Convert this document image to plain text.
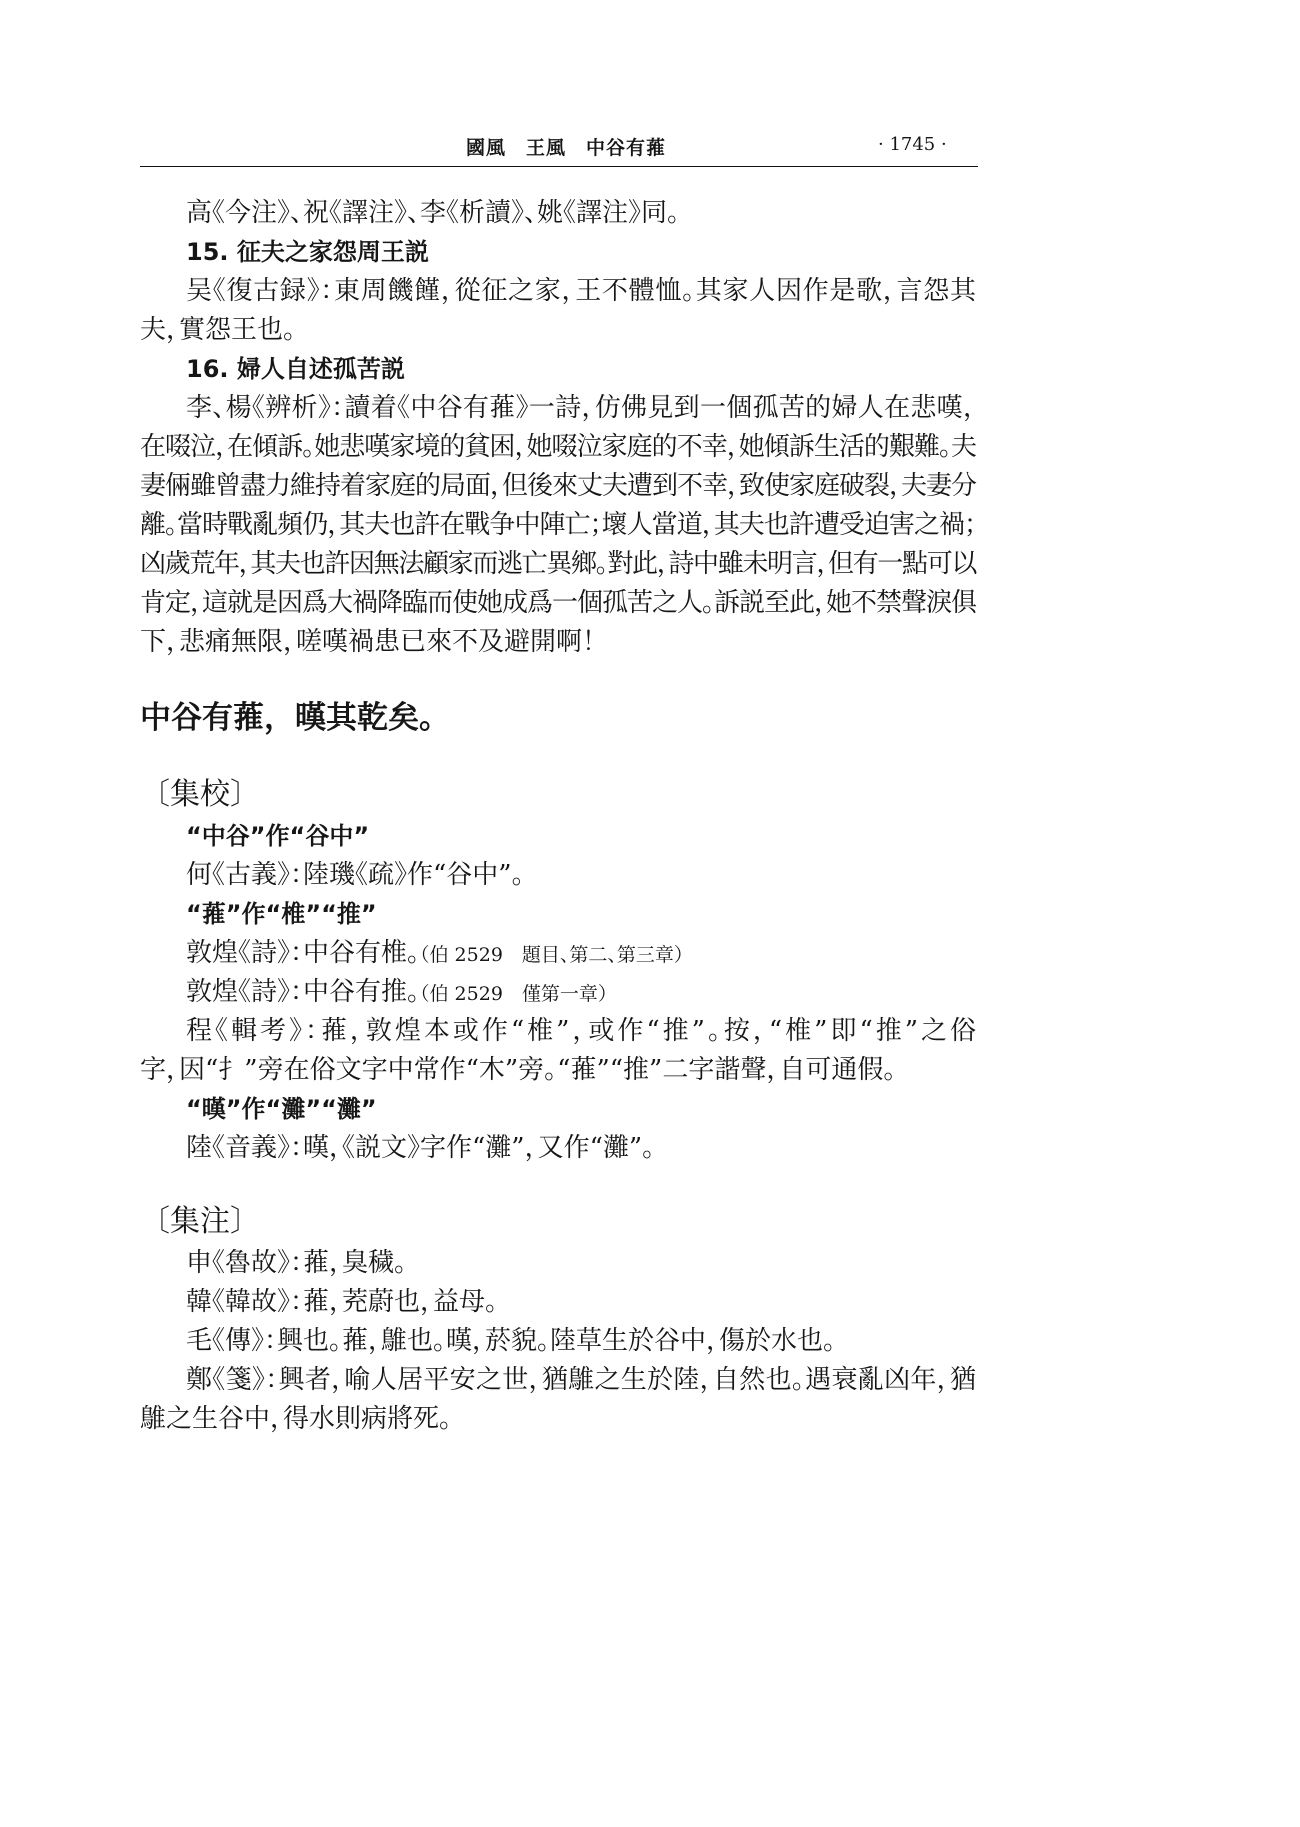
國風　王風　中谷有蓷	· 1745 ·
高《今注》、祝《譯注》、李《析讀》、姚《譯注》同。
15. 征夫之家怨周王説
吴《復古録》：東周饑饉，從征之家，王不體恤。其家人因作是歌，言怨其
夫，實怨王也。
16. 婦人自述孤苦説
李、楊《辨析》：讀着《中谷有蓷》一詩，仿佛見到一個孤苦的婦人在悲嘆，
在啜泣，在傾訴。她悲嘆家境的貧困，她啜泣家庭的不幸，她傾訴生活的艱難。夫
妻倆雖曾盡力維持着家庭的局面，但後來丈夫遭到不幸，致使家庭破裂，夫妻分
離。當時戰亂頻仍，其夫也許在戰争中陣亡；壞人當道，其夫也許遭受迫害之禍；
凶歲荒年，其夫也許因無法顧家而逃亡異鄉。對此，詩中雖未明言，但有一點可以
肯定，這就是因爲大禍降臨而使她成爲一個孤苦之人。訴説至此，她不禁聲淚俱
下，悲痛無限，嗟嘆禍患已來不及避開啊！
中谷有蓷，暵其乾矣。
〔集校〕
“中谷”作“谷中”
何《古義》：陸璣《疏》作“谷中”。
“蓷”作“椎”“推”
敦煌《詩》：中谷有椎。（伯 2529　題目、第二、第三章）
敦煌《詩》：中谷有推。（伯 2529　僅第一章）
程《輯考》：蓷，敦煌本或作“椎”，或作“推”。按，“椎”即“推”之俗
字，因“扌”旁在俗文字中常作“木”旁。“蓷”“推”二字諧聲，自可通假。
“暵”作“灘”“灘”
陸《音義》：暵，《説文》字作“灘”，又作“灘”。
〔集注〕
申《魯故》：蓷，臭穢。
韓《韓故》：蓷，茺蔚也，益母。
毛《傳》：興也。蓷，鵻也。暵，菸貌。陸草生於谷中，傷於水也。
鄭《箋》：興者，喻人居平安之世，猶鵻之生於陸，自然也。遇衰亂凶年，猶
鵻之生谷中，得水則病將死。
